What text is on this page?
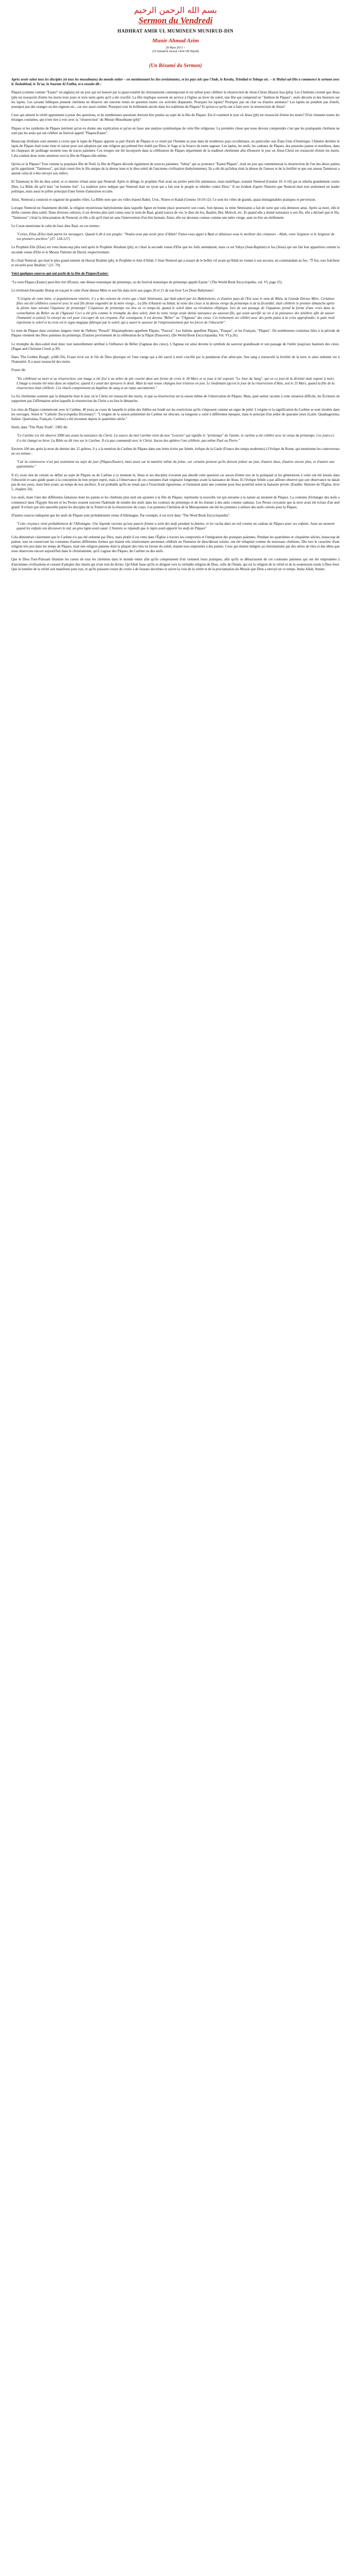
بسم الله الرحمن الرحيم
Sermon du Vendredi
HADHRAT AMIR UL MUMINEEN MUNIRUD-DIN
Munir Ahmad Azim
29 Mars 2013 ~
(16 Jumad'ul Awwal 1434 AH Hijrah)
(Un Résumé du Sermon)

Après avoir salué tous les disciples (et tous les musulmans) du monde entier – en mentionnant les îles avoisinantes, et les pays tels que l'Inde, le Kerala, Trinidad et Tobago etc. – le Muhyi-ud-Din a commencé le sermon avec le Tashahhud, le Ta'uz, la Sourate Al Fatiha, et a ensuite dit :

Pâques (comme comme "Easter" en anglais) est un jour qui est honoré par la quasi-totalité du christianisme contemporain et est utilisé pour célébrer la résurrection de Jésus-Christ (Hazrat Issa (pb)). Les Chrétiens croient que Jésus (pb) est ressuscité d'entre les morts trois jours et trois nuits après qu'il a été crucifié. La fête implique souvent un service à l'église au lever du soleil, une fête qui comprend un "Jambon de Pâques", œufs décorés et des histoires sur les lapins. Les savants bibliques pensent chrétiens en désarroi ont souvent remis en question toutes ces activités disparates. Pourquoi les lapins? Pourquoi pas un chat ou d'autres animaux? Les lapins ne pondent pas d'œufs, pourquoi pas des oranges ou des oignons etc., car eux aussi roulent. Pourquoi tout ils brillement ancrés dans les traditions de Pâques? Et qu'est-ce qu'ils ont à faire avec la résurrection de Jésus?

Ceux qui aiment la vérité apprennent à poser des questions, et de nombreuses questions doivent être posées au sujet de la fête de Pâques. Est-il vraiment le jour où Jésus (pb) est ressuscité d'entre les morts? D'où viennent toutes les étranges coutumes, qui n'ont rien à voir avec la "résurrection" du Messie Musulmane (pb)?

Pâques et les symboles de Pâques méritent qu'on en donne une explication et qu'on en fasse une analyse systématique de cette fête religieuse. La première chose que nous devons comprendre c'est que les pratiquants chrétiens ne sont pas les seuls qui ont célébré un festival appelé "Pâques/Easter".

Beaucoup d'enfants sont amenés à croire que le lapin de Pâques apporte sa part d'œufs de Pâques et ce rituel par l'homme se joue dans de nombreux pays occidentaux, en particulier aux États-Unis d'Amérique. Chimère derrière le lapin de Pâques était toute rime et raison pour son adoption par une religion qui prétend être établi par Dieu, le Sage et la Source de toute sagesse. Les lapins, les œufs, les cadeaux de Pâques, des poussins jaunes et moelleux, dans les chapeaux de jardinage seraient tous de traces païennes. Ces troupes ont été incorporés dans la célébration de Pâques séparément de la tradition chrétienne afin d'honorer le jour où Jésus-Christ est ressuscité d'entre les morts. Cela conduit donc notre attention vers la fête de Pâques elle-même.

Qu'est-ce la Pâques? Tout comme la populaire fête de Noël, la fête de Pâques découle également de sources païennes. "Ishtar" qui se prononce "Easter/Pâques", était un jour qui commémorait la résurrection de l'un des dieux païens qu'ils appelaient "Tammouz", qui était censé être le fils unique de la déesse lune et le dieu soleil de l'ancienne civilisation (babylonienne). Ils a été dit qu'Ishtar était la déesse de l'amour et de la fertilité et que son amour Tammouz a amené celui-là à être envoyé aux enfers.

Et Tammouz le fils du dieu soleil, et ce dernier n'était autre que Nemrod. Après le déluge, le prophète Noé avait un arrière petit-fils talentueux, mais maléfique, nommé Nemrod (Genèse 10: 6-10) qui se rebella grandement contre Dieu. La Bible dit qu'il était "un homme fort". La tradition juive indique que Nemrod était un tyran qui a fait tout le peuple se rebeller contre Dieu." Il est évident d'après l'histoire que Nemrod était non seulement un leader politique, mais aussi le prêtre principal d'une forme d'adoration occulte.

Ainsi, Nemrod a construit et organisé de grandes villes. La Bible note que ces villes étaient Babel, Uruc, Ninive et Kalah (Genèse 10:10-12). Ce sont les villes de grands, quasi-inimaginables pratiques et perversion.

Lorsque Nemrod est finalement décédé, la religion mystérieuse babylonienne dans laquelle figure en bonne place poursuivit son cours. Son épouse, la reine Sémiramis a fait de sorte que cela demeure ainsi. Après sa mort, elle le déifie comme dieu-soleil. Dans diverses cultures, il est devenu plus tard connu sous le nom de Baal, grand source de vie, le dieu du feu, Baalim, Bel, Moloch, etc. Et quand elle a donné naissance à son fils, elle a déclaré que le fils, "Tammouz" c'était la réincarnation de Nemrod, et elle a dit qu'il était né sans l'intervention d'un être humain. Ainsi, elle est devenue connue comme une mère vierge, sans en être un réellement.

Le Coran mentionne le culte du faux dieu Baal, en ces termes:

"Certes, Elias (Elie) était parmi les messagers. Quand il dit à son peuple: "Voulez-vous pas avoir peur d'Allah? Faites-vous appel à Baal et délaissez-vous le meilleur des créateurs - Allah, votre Seigneur et le Seigneur de vos premiers ancêtres" (37: 124-127)

Le Prophète Elie (Elias) est venu beaucoup plus tard après le Prophète Abraham (pb), et c'était la seconde venue d'Elie que les Juifs attendaient, mais ce est Yahya (Jean-Baptiste) et Isa (Jésus) qui ont fait leur apparition comme la seconde venue d'Elie et le Messie l'héritier de David, respectivement.

Et c'était Nemrod, qui était le plus grand ennemi de Hazrat Ibrahim (pb), le Prophète et Ami d'Allah. C'était Nemrod qui a essayé de le brûler vif avant qu'Allah ne vienne à son secours, en commandant au feu: "Ô feu, sois fraîcheur et sécurité pour Ibrahim." (21: 70)

Voici quelques sources qui ont parlé de la fête de Pâques/Easter:

"Le nom Pâques (Easter) peut-être tiré d'Eostre, une déesse teutonique du printemps, ou du festival teutonique de printemps appelé Eastur." (The World Book Encyclopedia, vol. VI, page 25).

Le révérend Alexander Hislop en traçant le culte d'une déesse Mère et son fils dans écrit aux pages 20 et 21 de son livre 'Les Deux Babylones':

"L'origine de cette mère, si populairement vénérée, il y a des raisons de croire que c'était Sémiramis, qui était adoré par les Babyloniens, et d'autres pays de l'Est sous le nom de Rhéa, la Grande Déesse Mère. Certaines fêtes ont été célébrées conservé avec le seul fils divine engendré de la mère vierge... La fête d'Astarté ou Ishtar, la reine des cieux et la déesse vierge du printemps et de la fécondité, était célébrée le premier dimanche après la pleine lune suivant l'équinoxe de printemps" L'équinoxe de printemps est lieu en ce temps-là, quand le soleil dans sa révolution elliptique, lors de son passage de l'équateur, prend la forme d'une croix dans la constellation du Bélier ou de l'Agneau! Ceci a été pris comme le triomphe du dieu soleil, dont la reine vierge avait donné naissance au sauveur-fils, qui avait sacrifié sa vie à la puissance des ténèbres afin de sauver l'humanité et (ainsi) l'a envoyé au ciel pour s'occuper de ses croyants. Par conséquent, il est devenu "Bélier" ou "l'Agneau" des cieux. Cet événement est célébré avec des petits pains à la croix approfondie; le pain rond représente le soleil et la croix est le signe magique fabriqué par le soleil, qui a sauvé le sauveur de l'emprisonnement par les forces de l'obscurité".

Le nom de Pâques dans certaines langues vient de l'hébreu "Pesach" Hispanophones appellent Pâques, "Pascua". Les Italiens appellent Pâques, "Pasqua", et les Français, "Pâques". De nombreuses coutumes liées à la période de Pâques viennent des fêtes païennes du printemps. D'autres proviennent de la célébration de la Pâque (Passover). (De World Book Encyclopaedia; Vol. VI p.26).

Le triomphe du dieu-soleil était donc tout naturellement attribué à l'influence du Bélier (l'agneau des cieux). L'Agneau est ainsi devenu le symbole du sauveur grandissant et son passage de l'enfer jusqu'aux hauteurs des cieux. (Pagan and Christian Creed, p.39)

Dans 'The Golden Bough', p348-356, Frazer écrit sur le fils de Dieu physique où l'une vierge qui a été sauvé à mort crucifié par la pendaison d'un arbre-pin. Son sang a renouvelé la fertilité de la terre et ainsi redonné vie à l'humanité. Il a aussi ressuscité des morts.

Frazer dit:

"En célébrant sa mort et sa résurrection, son image a été fixé à un arbre de pin couché dans une forme de croix le 24 Mars et se joue à été exposée "Le Jour du Sang", qui en ce jour-là la divinité était exposé à mort. L'image a ensuite été mise dans un sépulcre; quand il y avait des épreuves le deuil. Mais la nuit venue changea leur tristesse en joie. Le lendemain (qu'est le jour de la résurrection d'Attis, soit le 25 Mars, quand la fête de la résurrection était célébrée. Ces rituels comprennent un baptême de sang et un repas sacramentel."

La foi chrétienne soutient que la dimanche était le jour où le Christ est ressuscité des morts, et que sa résurrection est la raison même de l'observation de Pâques. Mais, quel auteur raconte à cette situation difficile, les Écritures ne supportent pas l'affirmation selon laquelle la résurrection du Christ a eu lieu le dimanche.

Les rites de Pâques commencent avec le Carême, 40 jours au cours de laquelle le jeûne des fidèles est fondé sur les restrictions qu'ils s'imposent comme un signe de piété. L'origine et la signification du Carême se sont résultés dans les ouvrages. Selon le "Catholic Encyclopedia Dictionary": "L'origine de la saison pénitentiel du Carême est obscure, sa longueur a varié à différentes époques, mais le principe d'un jeûne de quarante jours (Latin: Quadragesima; Italien: Quaresima, Français: Carême) a été reconnue depuis le quatrième siècle."

Hoeh, dans "The Plain Truth", 1983 dit:

"Le Carême n'a été observé 2000 ans avant la naissance du Christ. La source du mot Carême vient du mot "Lencten" qui signifie le "printemps" de l'année, le carême a été célébré avec la venue du printemps. Ces jours-ci, il a été changé en hiver. La Bible ne dit rien sur le Carême. Il n'a pas commandé avec le Christ. Aucun des apôtres l'ont célébrée, pas même Paul ou Pierre."

Environ 100 ans après la mort du dernier des 12 apôtres, il y a la mention du Carême de Pâques dans une lettre écrite par Irénée, évêque de la Gaule (France des temps modernes) à l'évêque de Rome, qui mentionne les controverses en ces termes :

"Car la controverse n'est pas seulement au sujet du jour (Pâques/Easter), mais aussi sur la manière même du jeûne, car certains pensent qu'ils doivent jeûner un jour, d'autres deux, d'autres encore plus, et d'autres une quarantaine."

Il n'y avait rien de certain ou défini au sujet de Pâques ou de Carême à ce moment là. Jésus et ses disciples n'avaient pas abordé cette question car aucun d'entre eux ne la pratiquait et les générations à venir ont été laissés dans l'obscurité et sans guide quant à la conception de leur propre esprit, mais à l'observance de ces coutumes était originaire longtemps avant la naissance de Jésus. Et l'évêque Irénée a par ailleurs observé que son observance ne datait pas de nos jours, mais bien avant, au temps de nos ancêtres. Il est probable qu'ils ne tenait pas à l'exactitude rigoureuse, et formaient ainsi une coutume pour leur postérité selon la fantaisie privée. (Eusèbe: Histoire de l'Église, livre 5, chapitre 24).

Les œufs, étant l'une des différentes fantaisies dont les païens et les chrétiens plus tard ont ajoutées à la fête de Pâques, représente la nouvelle vie qui retourne à la nature au moment de Pâques. La coutume d'échanger des œufs a commencé dans l'Égypte Ancien et les Perses avaient souvent l'habitude de teindre des œufs dans les couleurs du printemps et de les donner à des amis comme cadeaux. Les Perses croyaient que la terre avait été éclose d'un œuf géant! Il n'était que très naturelle parmi les disciples de la Trinité et de la résurrection du corps. Les premiers Chrétiens de la Mésopotamie ont été les premiers à utiliser des œufs colorés pour la Pâques.

D'autres sources indiquent que les œufs de Pâques sont probablement venus d'Allemagne. Par exemple, il est écrit dans "The Word Book Encyclopaedia":

"Cette croyance vient probablement de l'Allemagne. Une légende raconte qu'une pauvre femme a teint des œufs pendant la famine, et les cacha dans un nid comme un cadeau de Pâques pour ses enfants. Juste au moment quand les enfants ont découvert le nid, un gros lapin avait sauté. L'histoire se répandit que le lapin avait apporté les œufs de Pâques"

Cela démontrait clairement que le Carême n'a pas été ordonné par Dieu, mais plutôt il est venu dans l'Église à travers les compromis et l'intégration des pratiques païennes. Pendant les quatrièmes et cinquième siècles, beaucoup de païens, tout en conservant les coutumes d'autres différentes formes qui étaient très relativement anciennes célébrés en l'honneur de dieu/déesse solaire, ont été rebaptisé comme de nouveaux chrétiens. Dès lors le caractère d'une religion très peu dans les temps de Pâques, était une religion païenne dont la plupart des rites en faveur du soleil, étaient tous empruntés à des païens. Ceux qui étaient intégrés au christianisme par des séries de rites et des idées que nous observons encore aujourd'hui dans le christianisme, qu'il s'agisse des Pâques, du Carême ou des œufs.

Que le Dieu Tout-Puissant illumine les cœurs de tous les chrétiens dans le monde entier afin qu'ils comprennent d'où viennent leurs pratiques, afin qu'ils se débarrassent de ces coutumes païennes qui ont été empruntées à d'anciennes civilisations et cessent d'adopter des rituels qui n'ont rien de divins. Qu'Allah fasse qu'ils se dirigent vers la véritable religion de Dieu, celle de l'Islam, qui est la religion de la vérité et de la soumission totale à Dieu Seul. Que la lumière de la vérité soit manifeste pour eux, et qu'ils puissent cesser de croire à de fausses doctrines et suivre la voie de la vérité et de la proclamation du Messie que Dieu a envoyé en ce temps. Insha Allah, Amine.
